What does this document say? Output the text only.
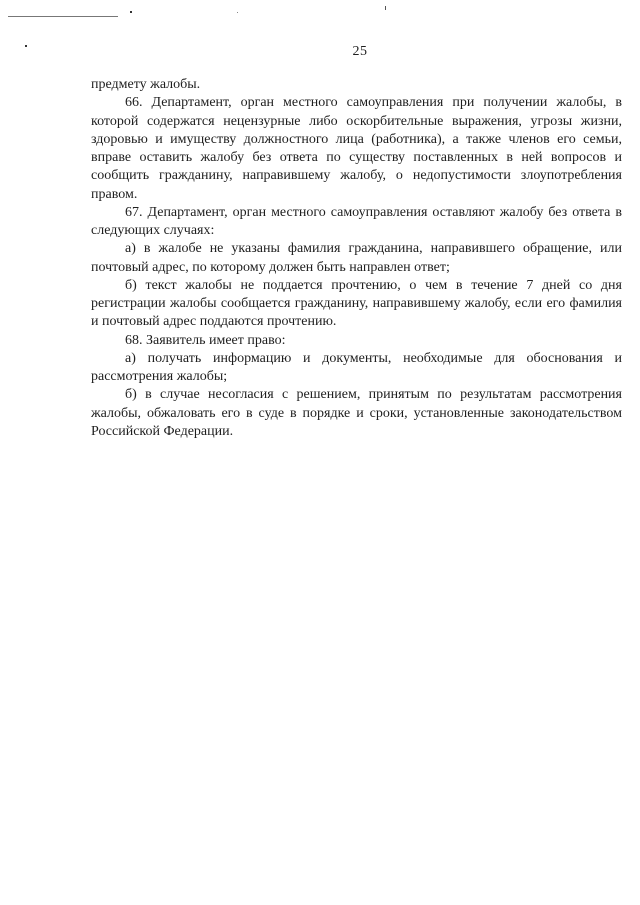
25

предмету жалобы.

66. Департамент, орган местного самоуправления при получении жалобы, в которой содержатся нецензурные либо оскорбительные выражения, угрозы жизни, здоровью и имуществу должностного лица (работника), а также членов его семьи, вправе оставить жалобу без ответа по существу поставленных в ней вопросов и сообщить гражданину, направившему жалобу, о недопустимости злоупотребления правом.

67. Департамент, орган местного самоуправления оставляют жалобу без ответа в следующих случаях:

а) в жалобе не указаны фамилия гражданина, направившего обращение, или почтовый адрес, по которому должен быть направлен ответ;

б) текст жалобы не поддается прочтению, о чем в течение 7 дней со дня регистрации жалобы сообщается гражданину, направившему жалобу, если его фамилия и почтовый адрес поддаются прочтению.

68. Заявитель имеет право:

а) получать информацию и документы, необходимые для обоснования и рассмотрения жалобы;

б) в случае несогласия с решением, принятым по результатам рассмотрения жалобы, обжаловать его в суде в порядке и сроки, установленные законодательством Российской Федерации.
